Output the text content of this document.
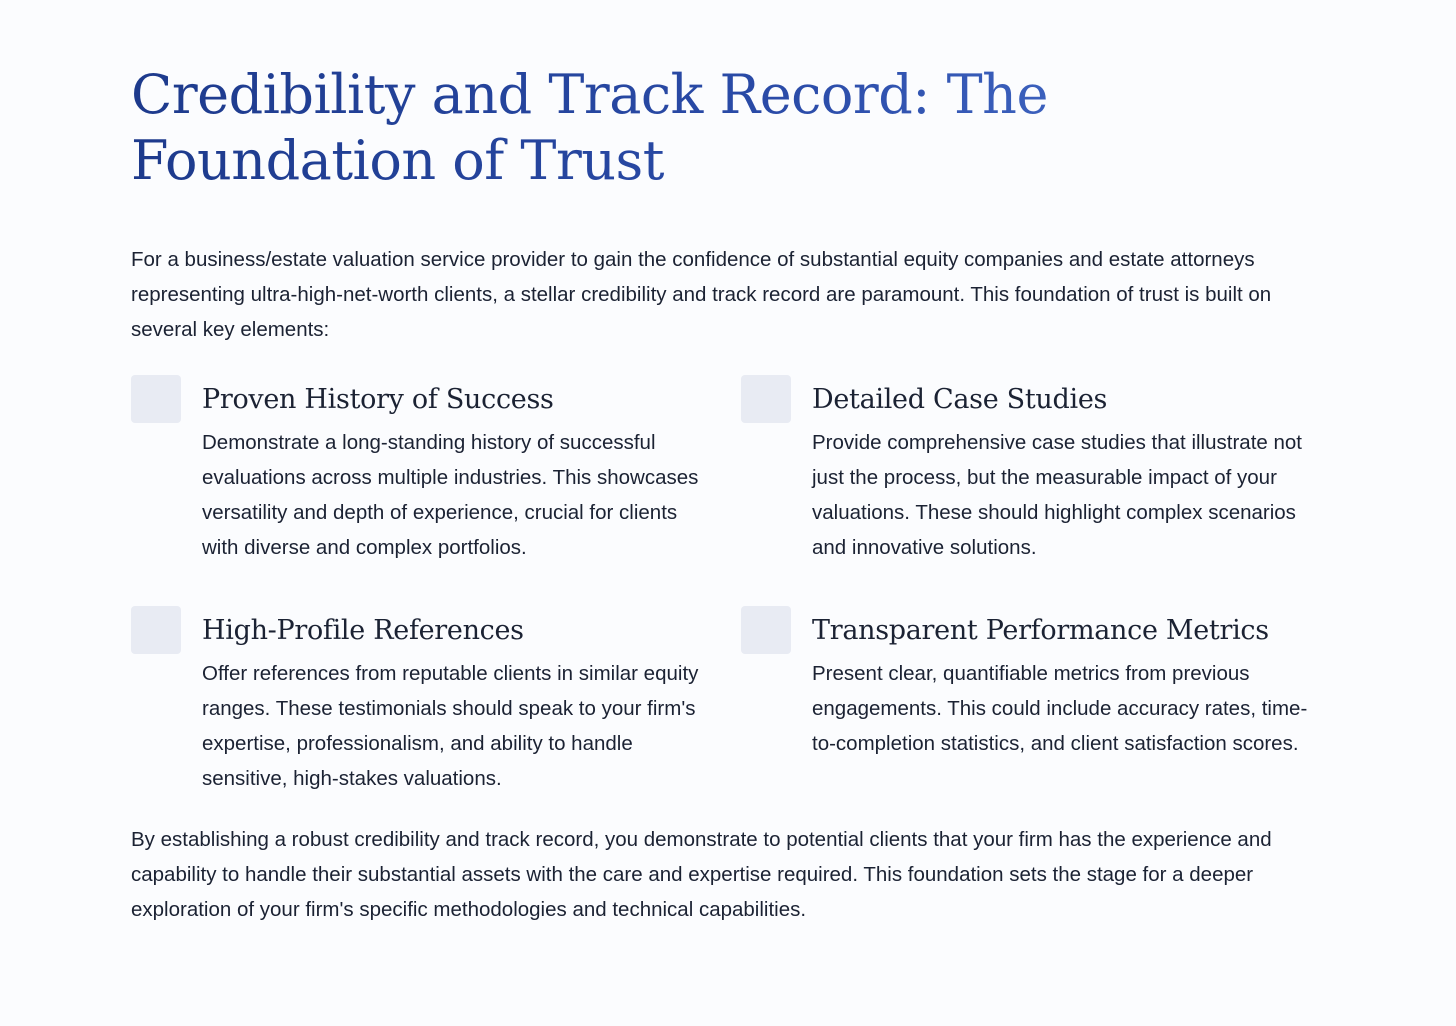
Credibility and Track Record: The Foundation of Trust

For a business/estate valuation service provider to gain the confidence of substantial equity companies and estate attorneys representing ultra-high-net-worth clients, a stellar credibility and track record are paramount. This foundation of trust is built on several key elements:

Proven History of Success

Demonstrate a long-standing history of successful evaluations across multiple industries. This showcases versatility and depth of experience, crucial for clients with diverse and complex portfolios.

Detailed Case Studies

Provide comprehensive case studies that illustrate not just the process, but the measurable impact of your valuations. These should highlight complex scenarios and innovative solutions.

High-Profile References

Offer references from reputable clients in similar equity ranges. These testimonials should speak to your firm's expertise, professionalism, and ability to handle sensitive, high-stakes valuations.

Transparent Performance Metrics

Present clear, quantifiable metrics from previous engagements. This could include accuracy rates, time-to-completion statistics, and client satisfaction scores.

By establishing a robust credibility and track record, you demonstrate to potential clients that your firm has the experience and capability to handle their substantial assets with the care and expertise required. This foundation sets the stage for a deeper exploration of your firm's specific methodologies and technical capabilities.
